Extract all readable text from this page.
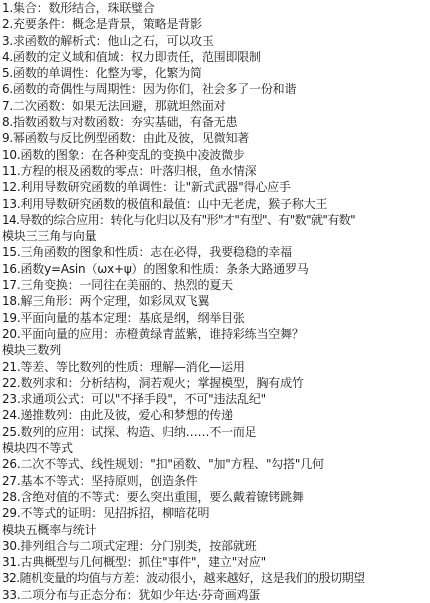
1.集合：数形结合，珠联璧合
2.充要条件：概念是背景，策略是背影
3.求函数的解析式：他山之石，可以攻玉
4.函数的定义域和值域：权力即责任，范围即限制
5.函数的单调性：化整为零，化繁为简
6.函数的奇偶性与周期性：因为你们，社会多了一份和谐
7.二次函数：如果无法回避，那就坦然面对
8.指数函数与对数函数：夯实基础，有备无患
9.幂函数与反比例型函数：由此及彼，见微知著
10.函数的图象：在各种变乱的变换中凌波微步
11.方程的根及函数的零点：叶落归根，鱼水情深
12.利用导数研究函数的单调性：让"新式武器"得心应手
13.利用导数研究函数的极值和最值：山中无老虎，猴子称大王
14.导数的综合应用：转化与化归以及有"形"才"有型"、有"数"就"有数"
模块三三角与向量
15.三角函数的图象和性质：志在必得，我要稳稳的幸福
16.函数y=Asin（ωx+ψ）的图象和性质：条条大路通罗马
17.三角变换：一同往在美丽的、热烈的夏天
18.解三角形：两个定理，如彩凤双飞翼
19.平面向量的基本定理：基底是纲，纲举目张
20.平面向量的应用：赤橙黄绿青蓝紫，谁持彩练当空舞？
模块三数列
21.等差、等比数列的性质：理解—消化—运用
22.数列求和：分析结构，洞若观火；掌握模型，胸有成竹
23.求通项公式：可以"不择手段"，不可"违法乱纪"
24.递推数列：由此及彼，爱心和梦想的传递
25.数列的应用：试探、构造、归纳……不一而足
模块四不等式
26.二次不等式、线性规划："扣"函数、"加"方程、"勾搭"几何
27.基本不等式：坚持原则，创造条件
28.含绝对值的不等式：要么突出重围，要么戴着镣铐跳舞
29.不等式的证明：见招拆招，柳暗花明
模块五概率与统计
30.排列组合与二项式定理：分门别类，按部就班
31.古典概型与几何概型：抓住"事件"，建立"对应"
32.随机变量的均值与方差：波动很小，越来越好，这是我们的殷切期望
33.二项分布与正态分布：犹如少年达·芬奇画鸡蛋
